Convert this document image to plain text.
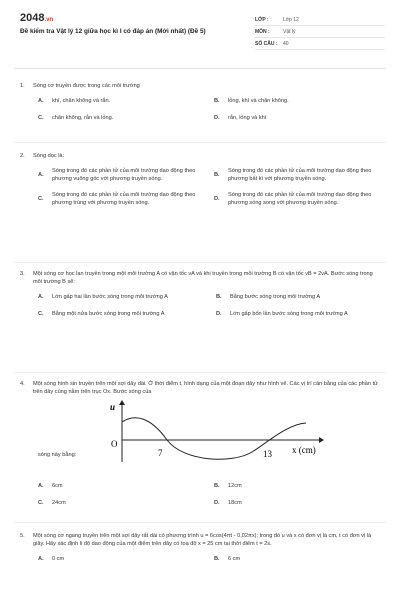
2048.vn
Đề kiểm tra Vật lý 12 giữa học kì I có đáp án (Mới nhất) (Đề 5)
LỚP :	Lớp 12
MÔN :	Vật lý
SỐ CÂU :	40
1.	Sóng cơ truyền được trong các môi trường
A.	khí, chân không và rắn.	B.	lỏng, khí và chân không.
C.	chân không, rắn và lỏng.	D.	rắn, lỏng và khí
2.	Sóng dọc là:
A.
Sóng trong đó các phần tử của môi trường dao động theo phương vuông góc với phương truyền sóng.
B.
Sóng trong đó các phần tử của môi trường dao động theo phương bất kì với phương truyền sóng.
C.
Sóng trong đó các phần tử của môi trường dao động theo phương trùng với phương truyền sóng.
D.
Sóng trong đó các phần tử của môi trường dao động theo phương sóng song với phương truyền sóng.
3.	Một sóng cơ học lan truyền trong một môi trường A có vận tốc vA và khi truyền trong môi trường B có vận tốc vB = 2vA. Bước sóng trong môi trường B sẽ:
A.	Lớn gấp hai lần bước sóng trong môi trường A	B.	Bằng bước sóng trong môi trường A
C.	Bằng một nửa bước sóng trong môi trường A	D.	Lớn gấp bốn lần bước sóng trong môi trường A
4.	Một sóng hình sin truyền trên một sợi dây dài. Ở thời điểm t, hình dạng của một đoạn dây như hình vẽ. Các vị trí cân bằng của các phần tử trên dây cùng nằm trên trục Ox. Bước sóng của
sóng này bằng:
u
O
7	13 x (cm)
A.	6cm	B.	12cm
C.	24cm	D.	18cm
5.	Một sóng cơ ngang truyền trên một sợi dây rất dài có phương trình u = 6cos(4πt - 0,02πx); trong đó u và x có đơn vị là cm, t có đơn vị là giây. Hãy xác định li độ dao động của một điểm trên dây có toạ độ x = 25 cm tại thời điểm t = 2s.
A.	0 cm	B.	6 cm
